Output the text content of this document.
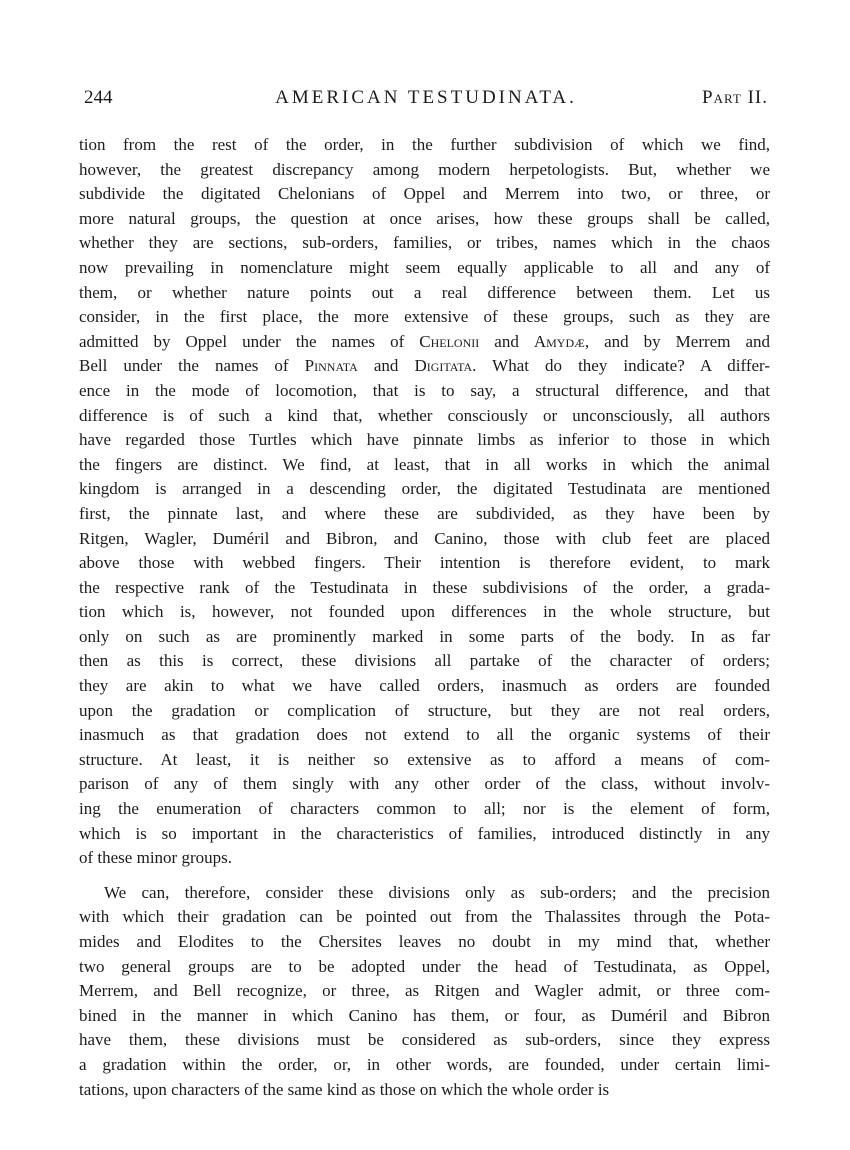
244	AMERICAN TESTUDINATA.	Part II.
tion from the rest of the order, in the further subdivision of which we find,
however, the greatest discrepancy among modern herpetologists. But, whether we
subdivide the digitated Chelonians of Oppel and Merrem into two, or three, or
more natural groups, the question at once arises, how these groups shall be called,
whether they are sections, sub-orders, families, or tribes, names which in the chaos
now prevailing in nomenclature might seem equally applicable to all and any of
them, or whether nature points out a real difference between them. Let us
consider, in the first place, the more extensive of these groups, such as they are
admitted by Oppel under the names of Chelonii and Amydæ, and by Merrem and
Bell under the names of Pinnata and Digitata. What do they indicate? A differ-
ence in the mode of locomotion, that is to say, a structural difference, and that
difference is of such a kind that, whether consciously or unconsciously, all authors
have regarded those Turtles which have pinnate limbs as inferior to those in which
the fingers are distinct. We find, at least, that in all works in which the animal
kingdom is arranged in a descending order, the digitated Testudinata are mentioned
first, the pinnate last, and where these are subdivided, as they have been by
Ritgen, Wagler, Duméril and Bibron, and Canino, those with club feet are placed
above those with webbed fingers. Their intention is therefore evident, to mark
the respective rank of the Testudinata in these subdivisions of the order, a grada-
tion which is, however, not founded upon differences in the whole structure, but
only on such as are prominently marked in some parts of the body. In as far
then as this is correct, these divisions all partake of the character of orders;
they are akin to what we have called orders, inasmuch as orders are founded
upon the gradation or complication of structure, but they are not real orders,
inasmuch as that gradation does not extend to all the organic systems of their
structure. At least, it is neither so extensive as to afford a means of com-
parison of any of them singly with any other order of the class, without involv-
ing the enumeration of characters common to all; nor is the element of form,
which is so important in the characteristics of families, introduced distinctly in any
of these minor groups.
We can, therefore, consider these divisions only as sub-orders; and the precision
with which their gradation can be pointed out from the Thalassites through the Pota-
mides and Elodites to the Chersites leaves no doubt in my mind that, whether
two general groups are to be adopted under the head of Testudinata, as Oppel,
Merrem, and Bell recognize, or three, as Ritgen and Wagler admit, or three com-
bined in the manner in which Canino has them, or four, as Duméril and Bibron
have them, these divisions must be considered as sub-orders, since they express
a gradation within the order, or, in other words, are founded, under certain limi-
tations, upon characters of the same kind as those on which the whole order is
